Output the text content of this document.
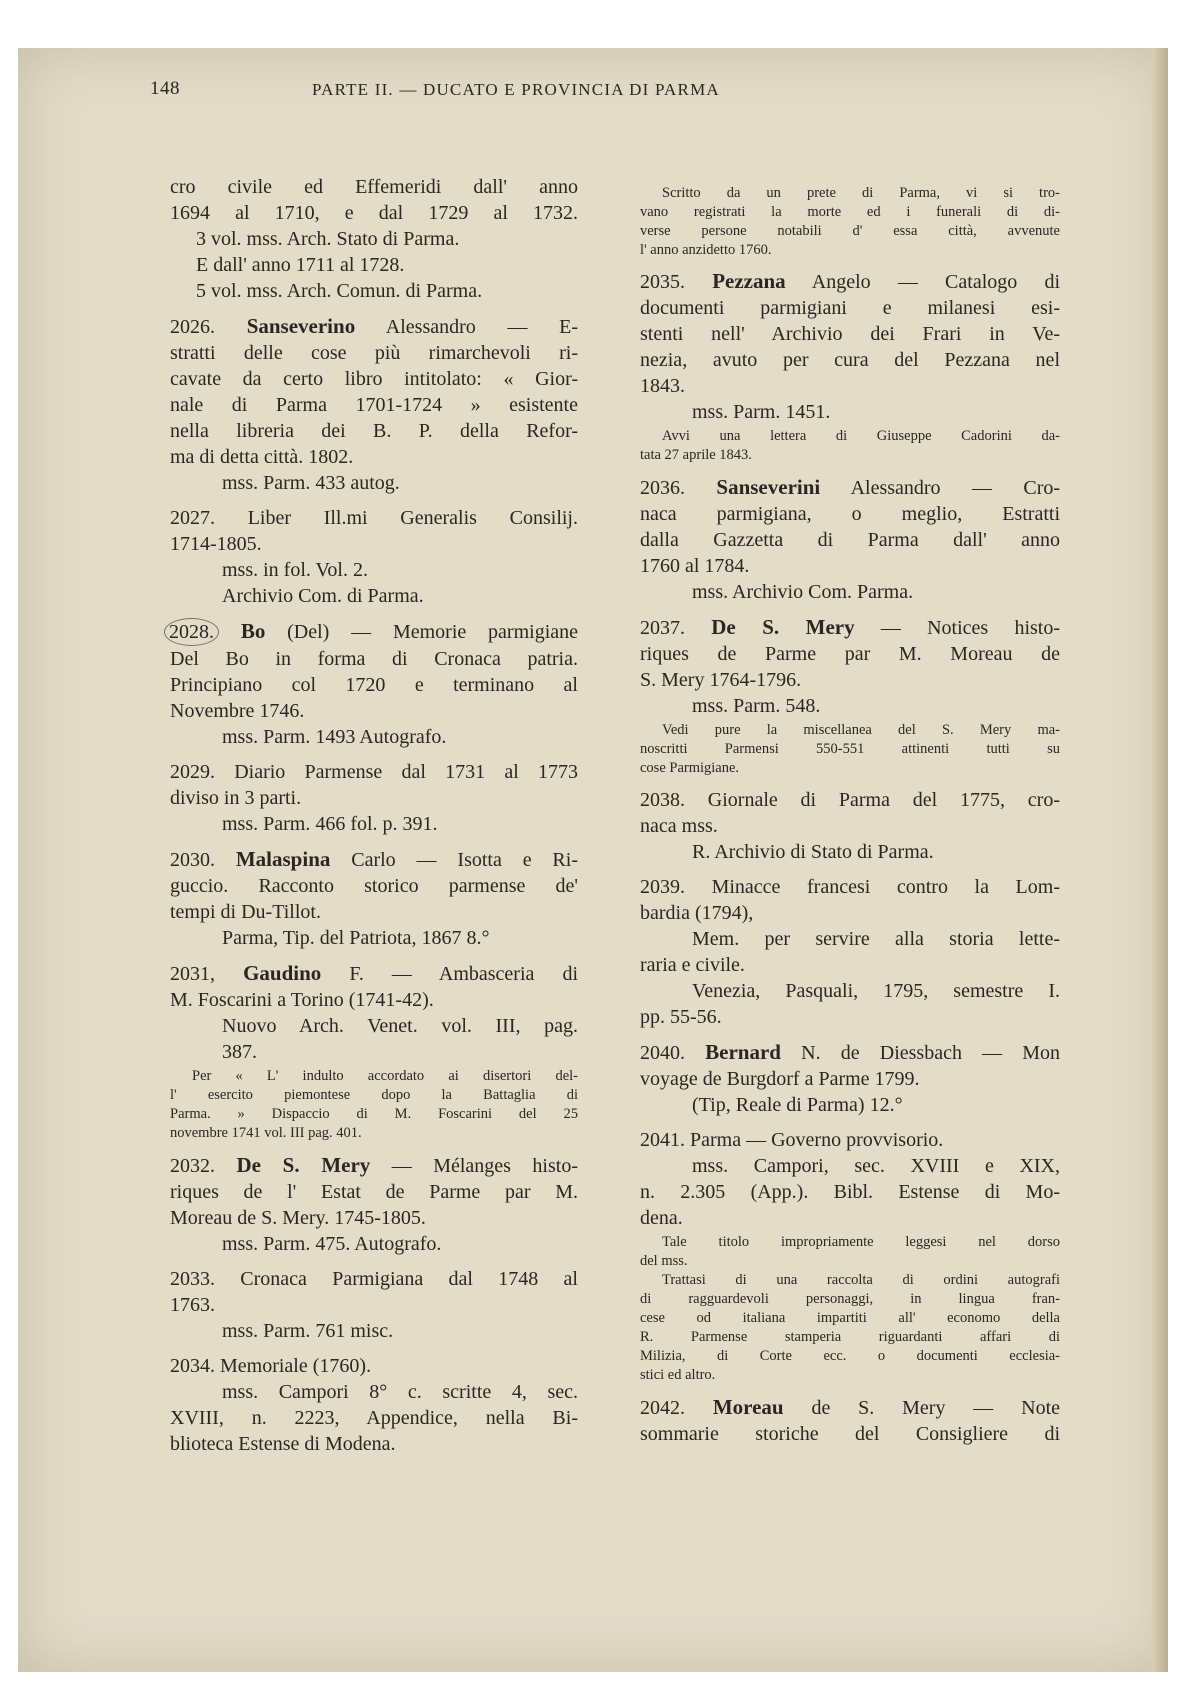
148	PARTE II. — DUCATO E PROVINCIA DI PARMA

cro civile ed Effemeridi dall' anno

1694 al 1710, e dal 1729 al 1732.

3 vol. mss. Arch. Stato di Parma.

E dall' anno 1711 al 1728.

5 vol. mss. Arch. Comun. di Parma.

2026. Sanseverino Alessandro — E-

stratti delle cose più rimarchevoli ri-

cavate da certo libro intitolato: « Gior-

nale di Parma 1701-1724 » esistente

nella libreria dei B. P. della Refor-

ma di detta città. 1802.

mss. Parm. 433 autog.

2027. Liber Ill.mi Generalis Consilij.

1714-1805.

mss. in fol. Vol. 2.

Archivio Com. di Parma.

2028. Bo (Del) — Memorie parmigiane

Del Bo in forma di Cronaca patria.

Principiano col 1720 e terminano al

Novembre 1746.

mss. Parm. 1493 Autografo.

2029. Diario Parmense dal 1731 al 1773

diviso in 3 parti.

mss. Parm. 466 fol. p. 391.

2030. Malaspina Carlo — Isotta e Ri-

guccio. Racconto storico parmense de'

tempi di Du-Tillot.

Parma, Tip. del Patriota, 1867 8.°

2031, Gaudino F. — Ambasceria di

M. Foscarini a Torino (1741-42).

Nuovo Arch. Venet. vol. III, pag.

387.

Per « L' indulto accordato ai disertori del-

l' esercito piemontese dopo la Battaglia di

Parma. » Dispaccio di M. Foscarini del 25

novembre 1741 vol. III pag. 401.

2032. De S. Mery — Mélanges histo-

riques de l' Estat de Parme par M.

Moreau de S. Mery. 1745-1805.

mss. Parm. 475. Autografo.

2033. Cronaca Parmigiana dal 1748 al

1763.

mss. Parm. 761 misc.

2034. Memoriale (1760).

mss. Campori 8° c. scritte 4, sec.

XVIII, n. 2223, Appendice, nella Bi-

blioteca Estense di Modena.

Scritto da un prete di Parma, vi si tro-

vano registrati la morte ed i funerali di di-

verse persone notabili d' essa città, avvenute

l' anno anzidetto 1760.

2035. Pezzana Angelo — Catalogo di

documenti parmigiani e milanesi esi-

stenti nell' Archivio dei Frari in Ve-

nezia, avuto per cura del Pezzana nel

1843.

mss. Parm. 1451.

Avvi una lettera di Giuseppe Cadorini da-

tata 27 aprile 1843.

2036. Sanseverini Alessandro — Cro-

naca parmigiana, o meglio, Estratti

dalla Gazzetta di Parma dall' anno

1760 al 1784.

mss. Archivio Com. Parma.

2037. De S. Mery — Notices histo-

riques de Parme par M. Moreau de

S. Mery 1764-1796.

mss. Parm. 548.

Vedi pure la miscellanea del S. Mery ma-

noscritti Parmensi 550-551 attinenti tutti su

cose Parmigiane.

2038. Giornale di Parma del 1775, cro-

naca mss.

R. Archivio di Stato di Parma.

2039. Minacce francesi contro la Lom-

bardia (1794),

Mem. per servire alla storia lette-

raria e civile.

Venezia, Pasquali, 1795, semestre I.

pp. 55-56.

2040. Bernard N. de Diessbach — Mon

voyage de Burgdorf a Parme 1799.

(Tip, Reale di Parma) 12.°

2041. Parma — Governo provvisorio.

mss. Campori, sec. XVIII e XIX,

n. 2.305 (App.). Bibl. Estense di Mo-

dena.

Tale titolo impropriamente leggesi nel dorso

del mss.

Trattasi di una raccolta di ordini autografi

di ragguardevoli personaggi, in lingua fran-

cese od italiana impartiti all' economo della

R. Parmense stamperia riguardanti affari di

Milizia, di Corte ecc. o documenti ecclesia-

stici ed altro.

2042. Moreau de S. Mery — Note

sommarie storiche del Consigliere di
